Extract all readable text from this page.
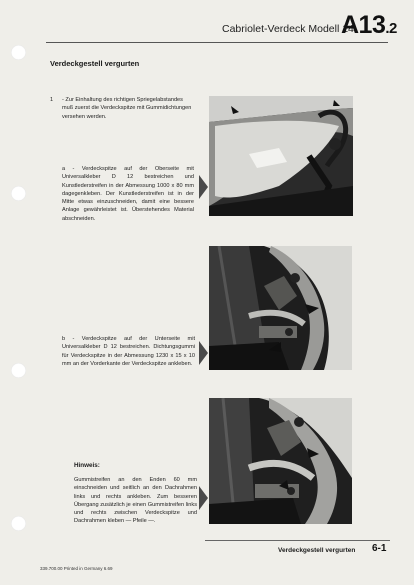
Cabriolet-Verdeck Modell 14
A13.2
Verdeckgestell vergurten
1 - Zur Einhaltung des richtigen Spriegelabstandes muß zuerst die Verdeckspitze mit Gummidichtungen versehen werden.
a - Verdeckspitze auf der Oberseite mit Universalkleber D 12 bestreichen und Kunstlederstreifen in der Abmessung 1000 x 80 mm dagegenkleben. Der Kunstlederstreifen ist in der Mitte etwas einzuschneiden, damit eine bessere Anlage gewährleistet ist. Überstehendes Material abschneiden.
b - Verdeckspitze auf der Unterseite mit Universalkleber D 12 bestreichen. Dichtungsgummi für Verdeckspitze in der Abmessung 1230 x 15 x 10 mm an der Vorderkante der Verdeckspitze ankleben.
Hinweis:
Gummistreifen an den Enden 60 mm einschneiden und seitlich an den Dachrahmen links und rechts ankleben. Zum besseren Übergang zusätzlich je einen Gummistreifen links und rechts zwischen Verdeckspitze und Dachrahmen kleben — Pfeile —.
Verdeckgestell vergurten 6-1
339.700.00 Printed in Germany 6.69
